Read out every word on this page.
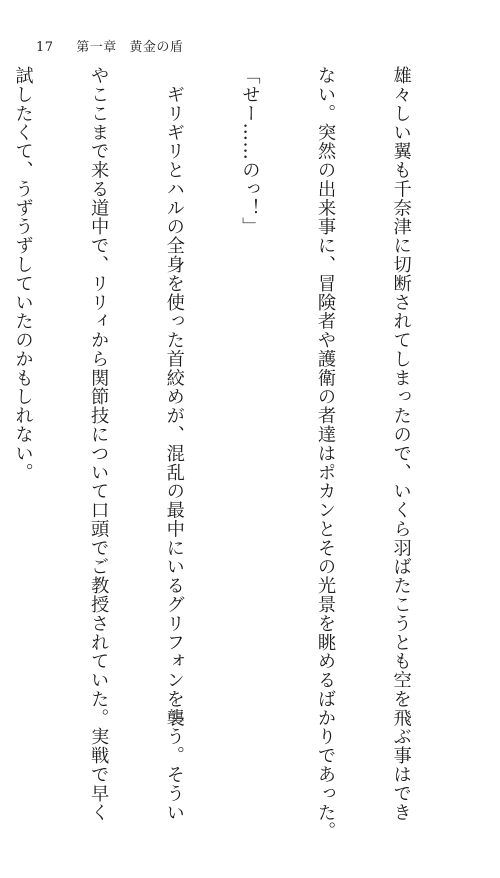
17 第一章 黄金の盾

雄々しい翼も千奈津に切断されてしまったので、いくら羽ばたこうとも空を飛ぶ事はでき

ない。突然の出来事に、冒険者や護衛の者達はポカンとその光景を眺めるばかりであった。

「せー……のっ！」

　ギリギリとハルの全身を使った首絞めが、混乱の最中にいるグリフォンを襲う。そうい

やここまで来る道中で、リリィから関節技について口頭でご教授されていた。実戦で早く

試したくて、うずうずしていたのかもしれない。
